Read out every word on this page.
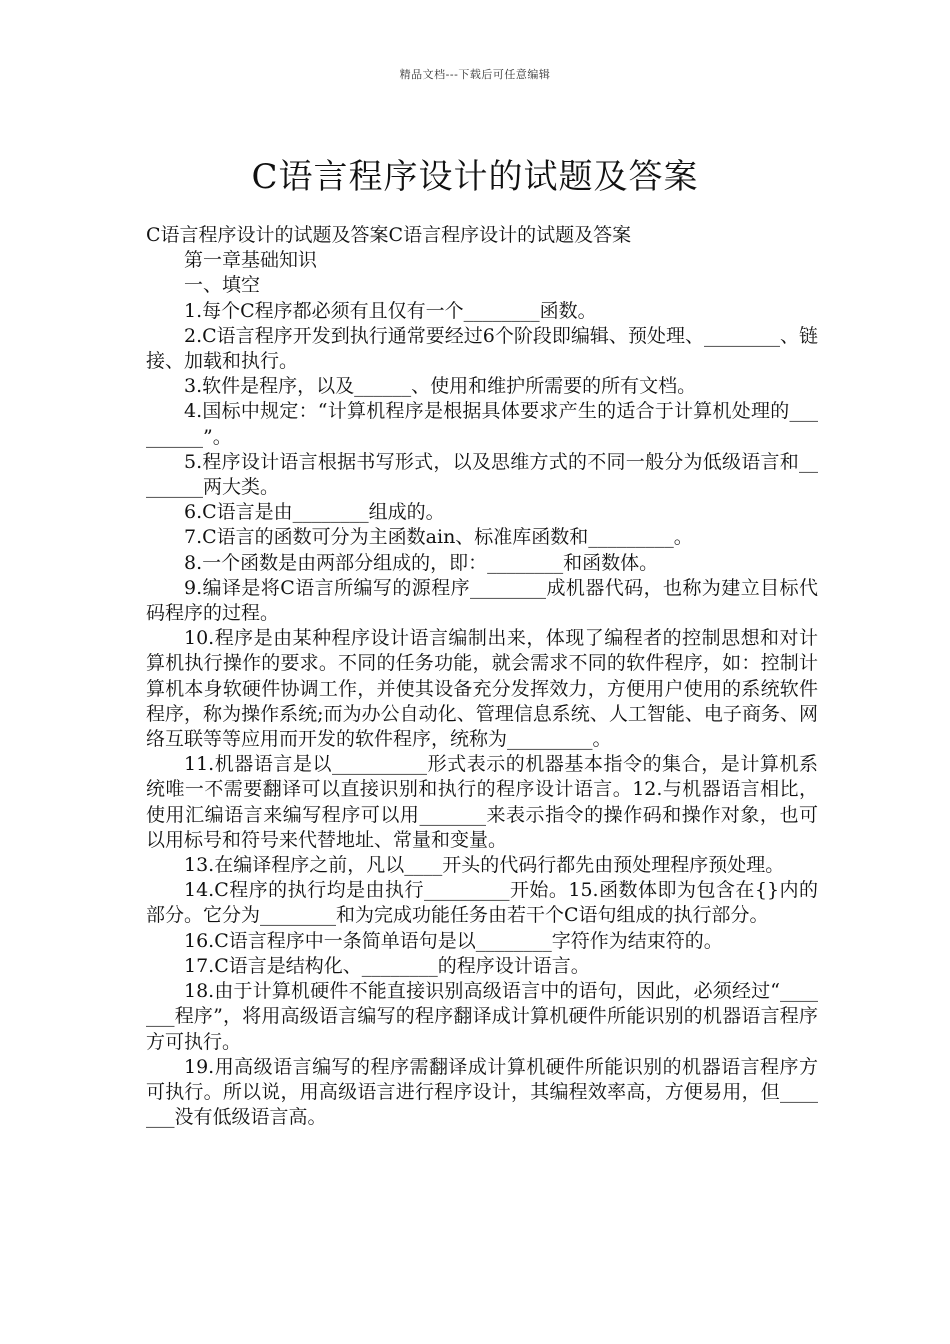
精品文档---下载后可任意编辑
C语言程序设计的试题及答案

C语言程序设计的试题及答案C语言程序设计的试题及答案

第一章基础知识

一、填空

1.每个C程序都必须有且仅有一个________函数。

2.C语言程序开发到执行通常要经过6个阶段即编辑、预处理、________、链接、加载和执行。

3.软件是程序，以及______、使用和维护所需要的所有文档。

4.国标中规定：“计算机程序是根据具体要求产生的适合于计算机处理的_________”。

5.程序设计语言根据书写形式，以及思维方式的不同一般分为低级语言和________两大类。

6.C语言是由________组成的。

7.C语言的函数可分为主函数ain、标准库函数和_________。

8.一个函数是由两部分组成的，即：________和函数体。

9.编译是将C语言所编写的源程序________成机器代码，也称为建立目标代码程序的过程。

10.程序是由某种程序设计语言编制出来，体现了编程者的控制思想和对计算机执行操作的要求。不同的任务功能，就会需求不同的软件程序，如：控制计算机本身软硬件协调工作，并使其设备充分发挥效力，方便用户使用的系统软件程序，称为操作系统;而为办公自动化、管理信息系统、人工智能、电子商务、网络互联等等应用而开发的软件程序，统称为_________。

11.机器语言是以__________形式表示的机器基本指令的集合，是计算机系统唯一不需要翻译可以直接识别和执行的程序设计语言。12.与机器语言相比，使用汇编语言来编写程序可以用_______来表示指令的操作码和操作对象，也可以用标号和符号来代替地址、常量和变量。

13.在编译程序之前，凡以____开头的代码行都先由预处理程序预处理。

14.C程序的执行均是由执行_________开始。15.函数体即为包含在{}内的部分。它分为________和为完成功能任务由若干个C语句组成的执行部分。

16.C语言程序中一条简单语句是以________字符作为结束符的。

17.C语言是结构化、________的程序设计语言。

18.由于计算机硬件不能直接识别高级语言中的语句，因此，必须经过“_______程序”，将用高级语言编写的程序翻译成计算机硬件所能识别的机器语言程序方可执行。

19.用高级语言编写的程序需翻译成计算机硬件所能识别的机器语言程序方可执行。所以说，用高级语言进行程序设计，其编程效率高，方便易用，但_______没有低级语言高。
